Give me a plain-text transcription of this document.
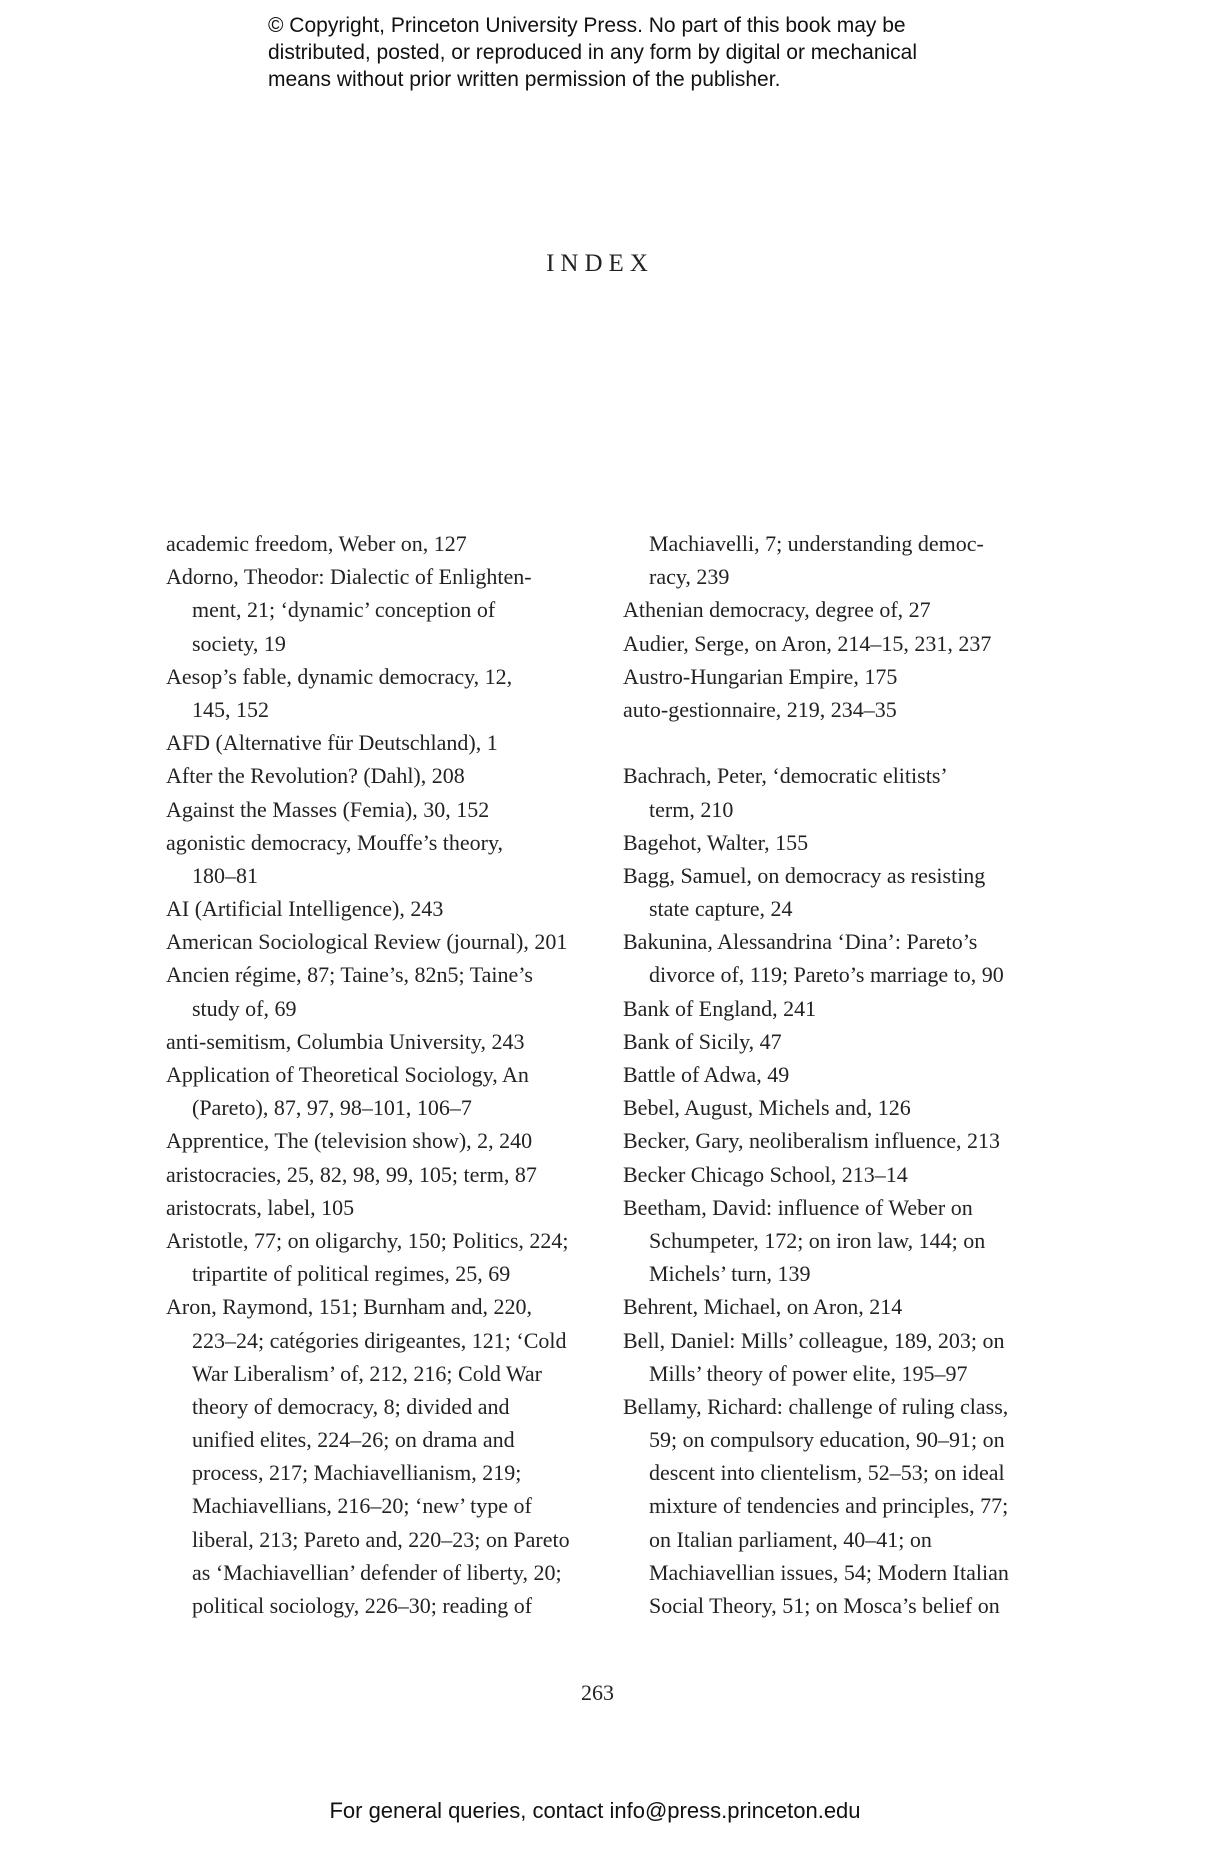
© Copyright, Princeton University Press. No part of this book may be
distributed, posted, or reproduced in any form by digital or mechanical
means without prior written permission of the publisher.
INDEX
academic freedom, Weber on, 127
Adorno, Theodor: Dialectic of Enlighten-
ment, 21; ‘dynamic’ conception of
society, 19
Aesop’s fable, dynamic democracy, 12,
145, 152
AFD (Alternative für Deutschland), 1
After the Revolution? (Dahl), 208
Against the Masses (Femia), 30, 152
agonistic democracy, Mouffe’s theory,
180–81
AI (Artificial Intelligence), 243
American Sociological Review (journal), 201
Ancien régime, 87; Taine’s, 82n5; Taine’s
study of, 69
anti-semitism, Columbia University, 243
Application of Theoretical Sociology, An
(Pareto), 87, 97, 98–101, 106–7
Apprentice, The (television show), 2, 240
aristocracies, 25, 82, 98, 99, 105; term, 87
aristocrats, label, 105
Aristotle, 77; on oligarchy, 150; Politics, 224;
tripartite of political regimes, 25, 69
Aron, Raymond, 151; Burnham and, 220,
223–24; catégories dirigeantes, 121; ‘Cold
War Liberalism’ of, 212, 216; Cold War
theory of democracy, 8; divided and
unified elites, 224–26; on drama and
process, 217; Machiavellianism, 219;
Machiavellians, 216–20; ‘new’ type of
liberal, 213; Pareto and, 220–23; on Pareto
as ‘Machiavellian’ defender of liberty, 20;
political sociology, 226–30; reading of
Machiavelli, 7; understanding democ-
racy, 239
Athenian democracy, degree of, 27
Audier, Serge, on Aron, 214–15, 231, 237
Austro-Hungarian Empire, 175
auto-gestionnaire, 219, 234–35
Bachrach, Peter, ‘democratic elitists’
term, 210
Bagehot, Walter, 155
Bagg, Samuel, on democracy as resisting
state capture, 24
Bakunina, Alessandrina ‘Dina’: Pareto’s
divorce of, 119; Pareto’s marriage to, 90
Bank of England, 241
Bank of Sicily, 47
Battle of Adwa, 49
Bebel, August, Michels and, 126
Becker, Gary, neoliberalism influence, 213
Becker Chicago School, 213–14
Beetham, David: influence of Weber on
Schumpeter, 172; on iron law, 144; on
Michels’ turn, 139
Behrent, Michael, on Aron, 214
Bell, Daniel: Mills’ colleague, 189, 203; on
Mills’ theory of power elite, 195–97
Bellamy, Richard: challenge of ruling class,
59; on compulsory education, 90–91; on
descent into clientelism, 52–53; on ideal
mixture of tendencies and principles, 77;
on Italian parliament, 40–41; on
Machiavellian issues, 54; Modern Italian
Social Theory, 51; on Mosca’s belief on
263
For general queries, contact info@press.princeton.edu
